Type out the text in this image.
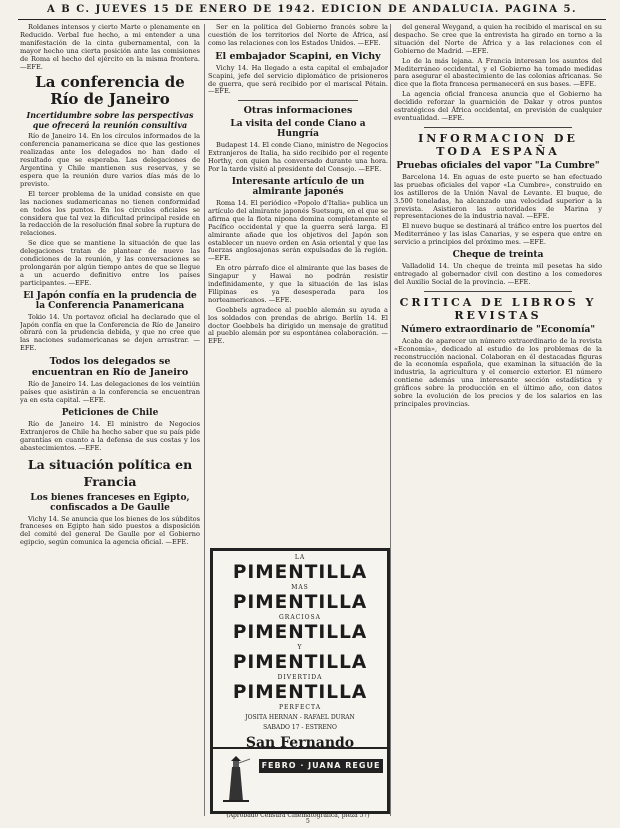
A B C. JUEVES 15 DE ENERO DE 1942. EDICION DE ANDALUCIA. PAGINA 5.

Roldanes intensos y cierto Marte o plenamente en Reducido. Verbal fue hecho, a mi entender a una manifestación de la cinta gubernamental, con la mayor hecho una cierta posición ante las comisiones de Roma el hecho del ejército en la misma frontera. —EFE.

La conferencia de Río de Janeiro
Incertidumbre sobre las perspectivas que ofrecerá la reunión consultiva

Río de Janeiro 14. En los círculos informados de la conferencia panamericana se dice que las gestiones realizadas ante los delegados no han dado el resultado que se esperaba. Las delegaciones de Argentina y Chile mantienen sus reservas, y se espera que la reunión dure varios días más de lo previsto.

El tercer problema de la unidad consiste en que las naciones sudamericanas no tienen conformidad en todos los puntos. En los círculos oficiales se considera que tal vez la dificultad principal reside en la redacción de la resolución final sobre la ruptura de relaciones.

Se dice que se mantiene la situación de que las delegaciones tratan de plantear de nuevo las condiciones de la reunión, y las conversaciones se prolongarán por algún tiempo antes de que se llegue a un acuerdo definitivo entre los países participantes. —EFE.

El Japón confía en la prudencia de la Conferencia Panamericana

Tokio 14. Un portavoz oficial ha declarado que el Japón confía en que la Conferencia de Río de Janeiro obrará con la prudencia debida, y que no cree que las naciones sudamericanas se dejen arrastrar. —EFE.

Todos los delegados se encuentran en Río de Janeiro

Río de Janeiro 14. Las delegaciones de los veintiún países que asistirán a la conferencia se encuentran ya en esta capital. —EFE.

Peticiones de Chile

Río de Janeiro 14. El ministro de Negocios Extranjeros de Chile ha hecho saber que su país pide garantías en cuanto a la defensa de sus costas y los abastecimientos. —EFE.

La situación política en Francia
Los bienes franceses en Egipto, confiscados a De Gaulle

Vichy 14. Se anuncia que los bienes de los súbditos franceses en Egipto han sido puestos a disposición del comité del general De Gaulle por el Gobierno egipcio, según comunica la agencia oficial. —EFE.

Ser en la política del Gobierno francés sobre la cuestión de los territorios del Norte de África, así como las relaciones con los Estados Unidos. —EFE.

El embajador Scapini, en Vichy

Vichy 14. Ha llegado a esta capital el embajador Scapini, jefe del servicio diplomático de prisioneros de guerra, que será recibido por el mariscal Pétain. —EFE.

Otras informaciones
La visita del conde Ciano a Hungría

Budapest 14. El conde Ciano, ministro de Negocios Extranjeros de Italia, ha sido recibido por el regente Horthy, con quien ha conversado durante una hora. Por la tarde visitó al presidente del Consejo. —EFE.

Interesante artículo de un almirante japonés

Roma 14. El periódico «Popolo d'Italia» publica un artículo del almirante japonés Suetsugu, en el que se afirma que la flota nipona domina completamente el Pacífico occidental y que la guerra será larga. El almirante añade que los objetivos del Japón son establecer un nuevo orden en Asia oriental y que las fuerzas anglosajonas serán expulsadas de la región. —EFE.

En otro párrafo dice el almirante que las bases de Singapur y Hawai no podrán resistir indefinidamente, y que la situación de las islas Filipinas es ya desesperada para los norteamericanos. —EFE.

Goebbels agradece al pueblo alemán su ayuda a los soldados con prendas de abrigo. Berlín 14. El doctor Goebbels ha dirigido un mensaje de gratitud al pueblo alemán por su espontánea colaboración. —EFE.

LA
PIMENTILLA
MAS
PIMENTILLA
GRACIOSA
PIMENTILLA
Y
PIMENTILLA
DIVERTIDA
PIMENTILLA
PERFECTA
JOSITA HERNAN - RAFAEL DURAN
SABADO 17 - ESTRENO
San Fernando
FEBRO · JUANA REGUE
(Aprobado Censura Cinematográfica, pieza 57)

del general Weygand, a quien ha recibido el mariscal en su despacho. Se cree que la entrevista ha girado en torno a la situación del Norte de África y a las relaciones con el Gobierno de Madrid. —EFE.

Lo de la más lejana. A Francia interesan los asuntos del Mediterráneo occidental, y el Gobierno ha tomado medidas para asegurar el abastecimiento de las colonias africanas. Se dice que la flota francesa permanecerá en sus bases. —EFE.

La agencia oficial francesa anuncia que el Gobierno ha decidido reforzar la guarnición de Dakar y otros puntos estratégicos del África occidental, en previsión de cualquier eventualidad. —EFE.

INFORMACION DE TODA ESPAÑA
Pruebas oficiales del vapor "La Cumbre"

Barcelona 14. En aguas de este puerto se han efectuado las pruebas oficiales del vapor «La Cumbre», construido en los astilleros de la Unión Naval de Levante. El buque, de 3.500 toneladas, ha alcanzado una velocidad superior a la prevista. Asistieron las autoridades de Marina y representaciones de la industria naval. —EFE.

El nuevo buque se destinará al tráfico entre los puertos del Mediterráneo y las islas Canarias, y se espera que entre en servicio a principios del próximo mes. —EFE.

Cheque de treinta

Valladolid 14. Un cheque de treinta mil pesetas ha sido entregado al gobernador civil con destino a los comedores del Auxilio Social de la provincia. —EFE.

CRITICA DE LIBROS Y REVISTAS
Número extraordinario de "Economía"

Acaba de aparecer un número extraordinario de la revista «Economía», dedicado al estudio de los problemas de la reconstrucción nacional. Colaboran en él destacadas figuras de la economía española, que examinan la situación de la industria, la agricultura y el comercio exterior. El número contiene además una interesante sección estadística y gráficos sobre la producción en el último año, con datos sobre la evolución de los precios y de los salarios en las principales provincias.

5
